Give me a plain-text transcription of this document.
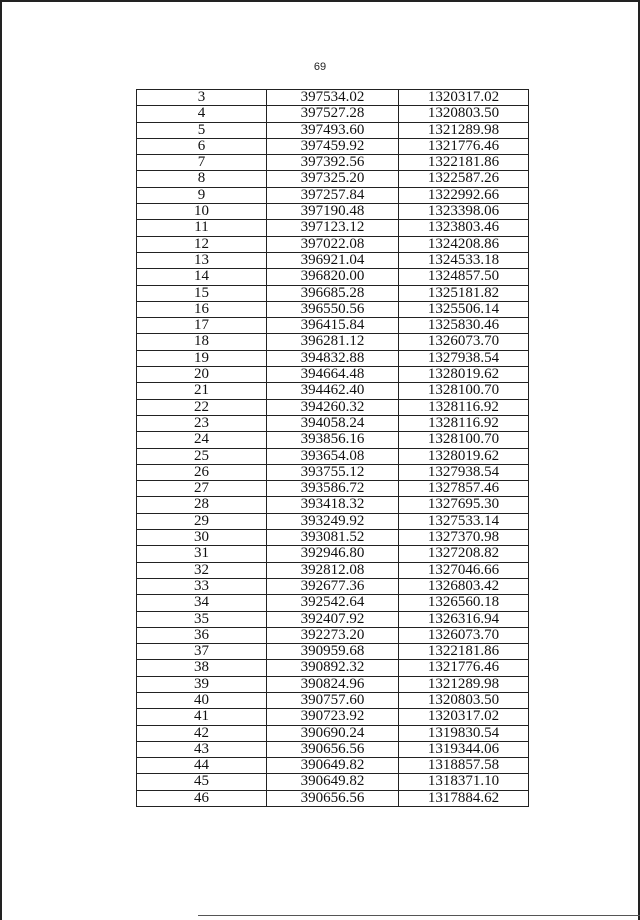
69
3	397534.02	1320317.02
4	397527.28	1320803.50
5	397493.60	1321289.98
6	397459.92	1321776.46
7	397392.56	1322181.86
8	397325.20	1322587.26
9	397257.84	1322992.66
10	397190.48	1323398.06
11	397123.12	1323803.46
12	397022.08	1324208.86
13	396921.04	1324533.18
14	396820.00	1324857.50
15	396685.28	1325181.82
16	396550.56	1325506.14
17	396415.84	1325830.46
18	396281.12	1326073.70
19	394832.88	1327938.54
20	394664.48	1328019.62
21	394462.40	1328100.70
22	394260.32	1328116.92
23	394058.24	1328116.92
24	393856.16	1328100.70
25	393654.08	1328019.62
26	393755.12	1327938.54
27	393586.72	1327857.46
28	393418.32	1327695.30
29	393249.92	1327533.14
30	393081.52	1327370.98
31	392946.80	1327208.82
32	392812.08	1327046.66
33	392677.36	1326803.42
34	392542.64	1326560.18
35	392407.92	1326316.94
36	392273.20	1326073.70
37	390959.68	1322181.86
38	390892.32	1321776.46
39	390824.96	1321289.98
40	390757.60	1320803.50
41	390723.92	1320317.02
42	390690.24	1319830.54
43	390656.56	1319344.06
44	390649.82	1318857.58
45	390649.82	1318371.10
46	390656.56	1317884.62
